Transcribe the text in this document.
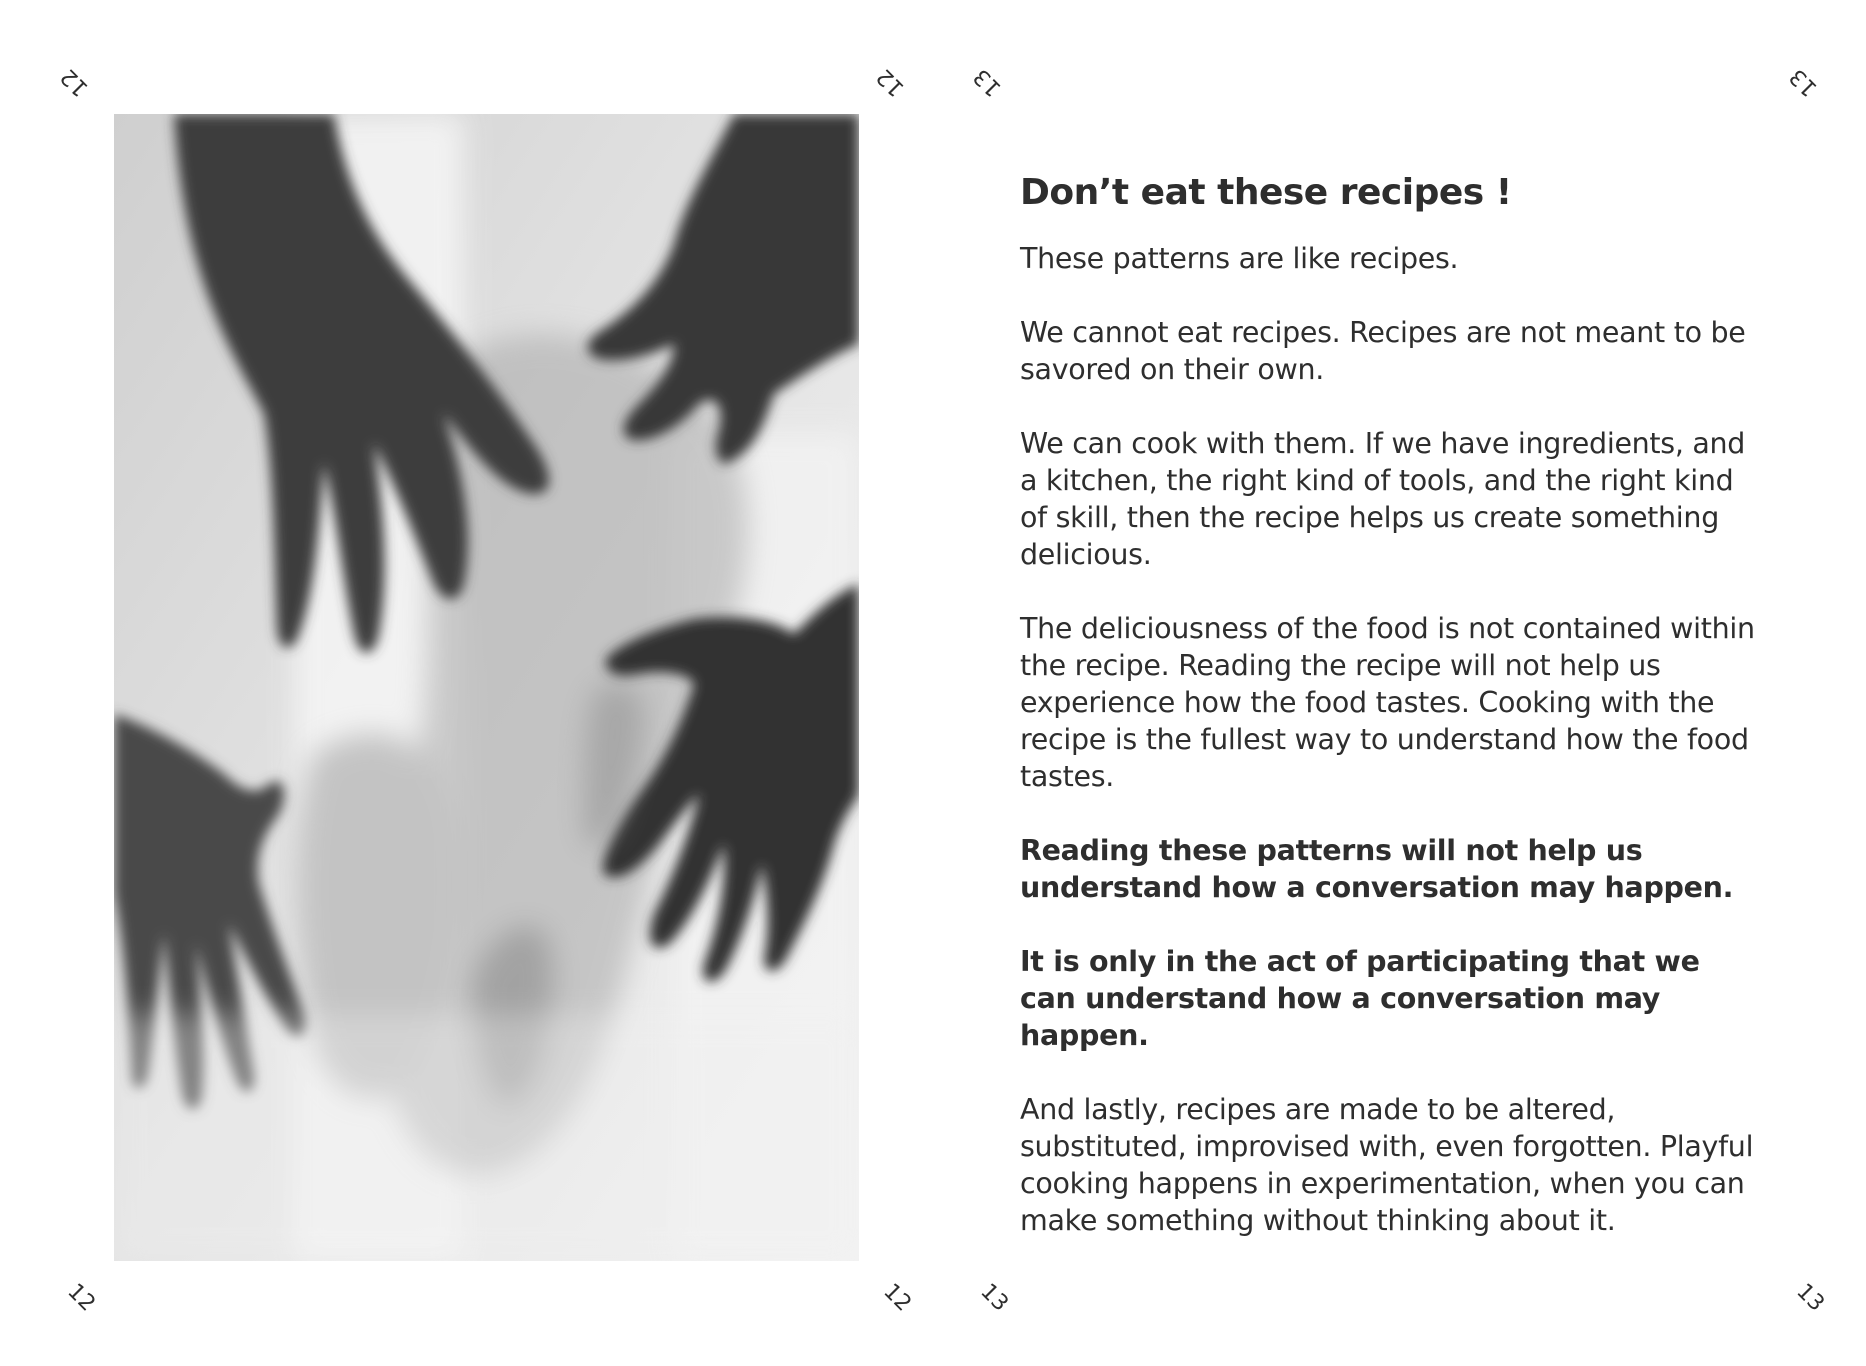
12	12
12	12
13	13
13	13
Don’t eat these recipes !

These patterns are like recipes.

We cannot eat recipes. Recipes are not meant to be savored on their own.

We can cook with them. If we have ingredients, and a kitchen, the right kind of tools, and the right kind of skill, then the recipe helps us create something delicious.

The deliciousness of the food is not contained within the recipe. Reading the recipe will not help us experience how the food tastes. Cooking with the recipe is the fullest way to understand how the food tastes.

Reading these patterns will not help us understand how a conversation may happen.

It is only in the act of participating that we can understand how a conversation may happen.

And lastly, recipes are made to be altered, substituted, improvised with, even forgotten. Playful cooking happens in experimentation, when you can make something without thinking about it.
